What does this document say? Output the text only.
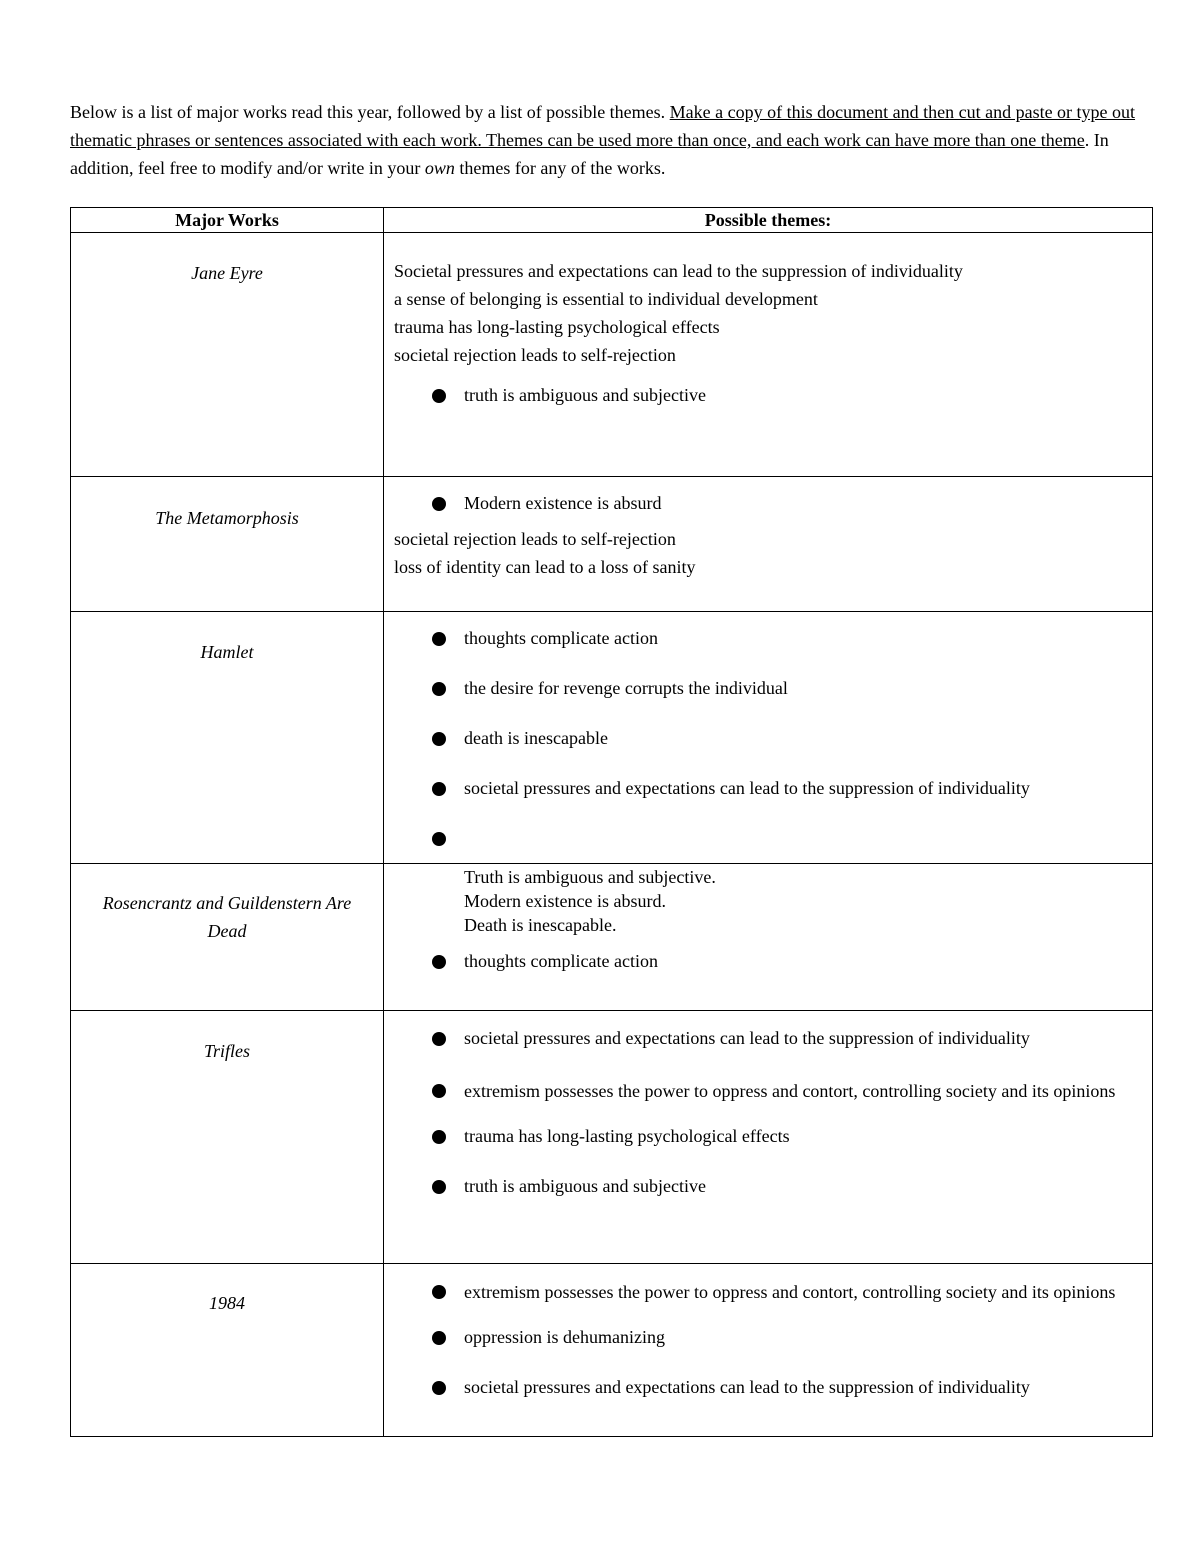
Below is a list of major works read this year, followed by a list of possible themes. Make a copy of this document and then cut and paste or type out thematic phrases or sentences associated with each work. Themes can be used more than once, and each work can have more than one theme. In addition, feel free to modify and/or write in your own themes for any of the works.

Major Works	Possible themes:

Jane Eyre	Societal pressures and expectations can lead to the suppression of individuality
a sense of belonging is essential to individual development
trauma has long-lasting psychological effects
societal rejection leads to self-rejection
truth is ambiguous and subjective

The Metamorphosis	Modern existence is absurd
societal rejection leads to self-rejection
loss of identity can lead to a loss of sanity

Hamlet	thoughts complicate action
the desire for revenge corrupts the individual
death is inescapable
societal pressures and expectations can lead to the suppression of individuality

Rosencrantz and Guildenstern Are
Dead	Truth is ambiguous and subjective.
Modern existence is absurd.
Death is inescapable.
thoughts complicate action

Trifles	societal pressures and expectations can lead to the suppression of individuality
extremism possesses the power to oppress and contort, controlling society and its opinions
trauma has long-lasting psychological effects
truth is ambiguous and subjective

1984	extremism possesses the power to oppress and contort, controlling society and its opinions
oppression is dehumanizing
societal pressures and expectations can lead to the suppression of individuality
